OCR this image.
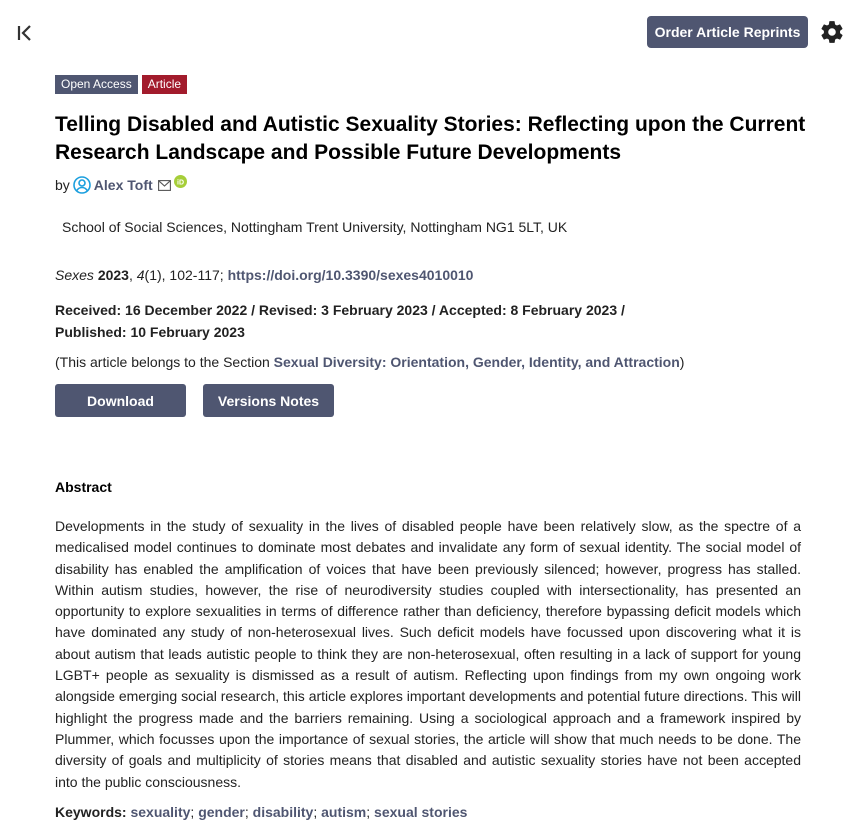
Order Article Reprints
Open Access	Article
Telling Disabled and Autistic Sexuality Stories: Reflecting upon the Current Research Landscape and Possible Future Developments
by Alex Toft	iD
School of Social Sciences, Nottingham Trent University, Nottingham NG1 5LT, UK
Sexes 2023, 4(1), 102-117; https://doi.org/10.3390/sexes4010010
Received: 16 December 2022 / Revised: 3 February 2023 / Accepted: 8 February 2023 /
Published: 10 February 2023
(This article belongs to the Section Sexual Diversity: Orientation, Gender, Identity, and Attraction)
Download	Versions Notes
Abstract
Developments in the study of sexuality in the lives of disabled people have been relatively slow, as the spectre of a medicalised model continues to dominate most debates and invalidate any form of sexual identity. The social model of disability has enabled the amplification of voices that have been previously silenced; however, progress has stalled. Within autism studies, however, the rise of neurodiversity studies coupled with intersectionality, has presented an opportunity to explore sexualities in terms of difference rather than deficiency, therefore bypassing deficit models which have dominated any study of non-heterosexual lives. Such deficit models have focussed upon discovering what it is about autism that leads autistic people to think they are non-heterosexual, often resulting in a lack of support for young LGBT+ people as sexuality is dismissed as a result of autism. Reflecting upon findings from my own ongoing work alongside emerging social research, this article explores important developments and potential future directions. This will highlight the progress made and the barriers remaining. Using a sociological approach and a framework inspired by Plummer, which focusses upon the importance of sexual stories, the article will show that much needs to be done. The diversity of goals and multiplicity of stories means that disabled and autistic sexuality stories have not been accepted into the public consciousness.
Keywords: sexuality; gender; disability; autism; sexual stories
